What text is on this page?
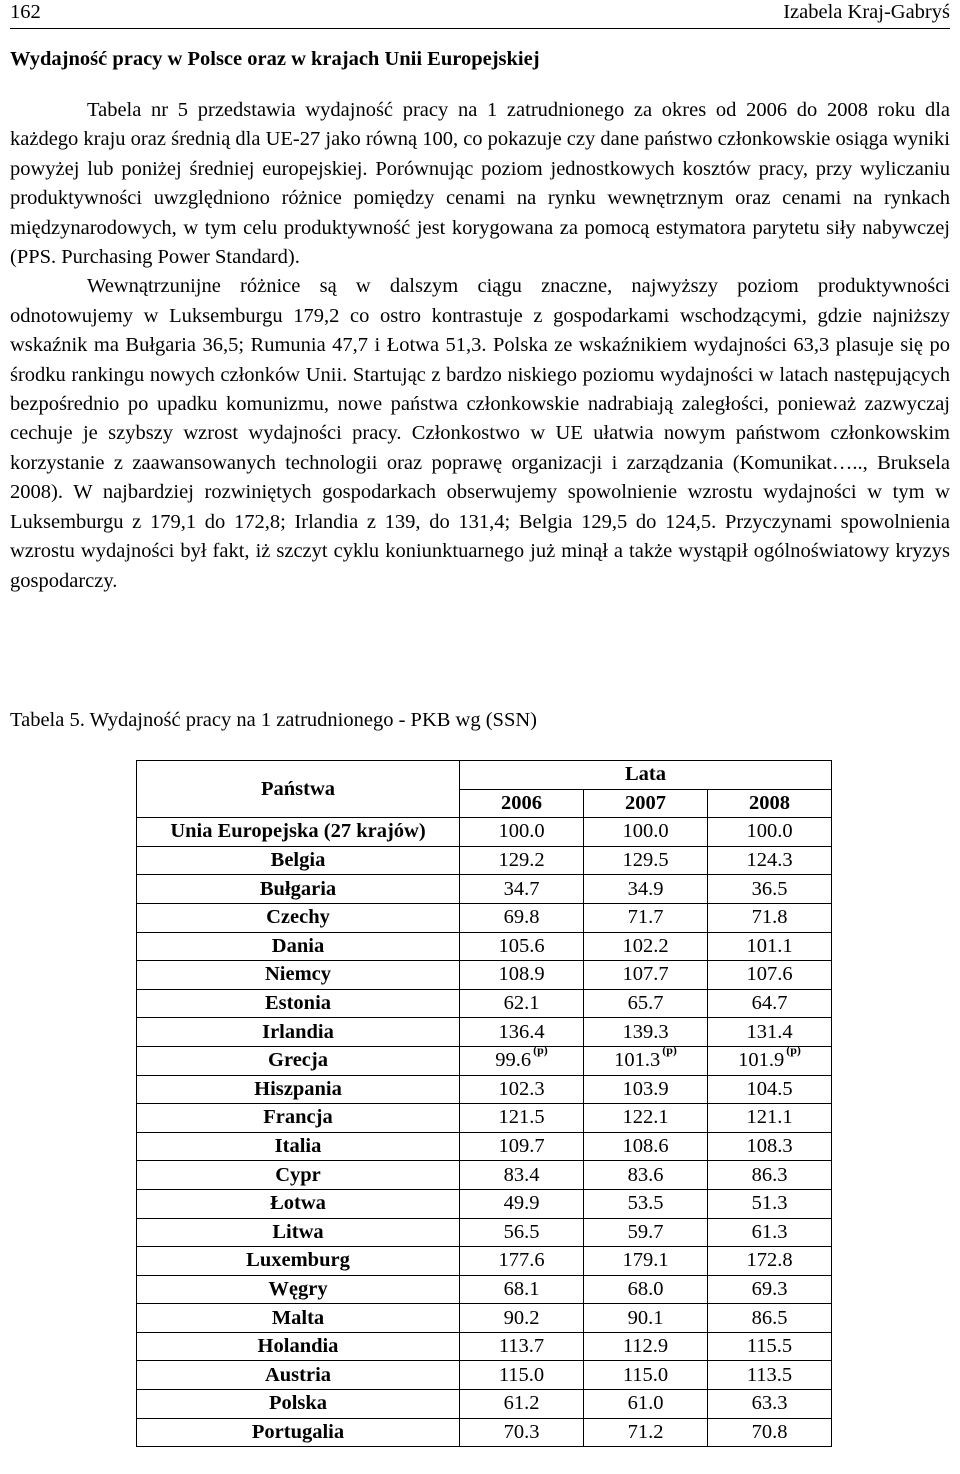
162	Izabela Kraj-Gabryś
Wydajność pracy w Polsce oraz w krajach Unii Europejskiej

Tabela nr 5 przedstawia wydajność pracy na 1 zatrudnionego za okres od 2006 do 2008 roku dla każdego kraju oraz średnią dla UE-27 jako równą 100, co pokazuje czy dane państwo członkowskie osiąga wyniki powyżej lub poniżej średniej europejskiej. Porównując poziom jednostkowych kosztów pracy, przy wyliczaniu produktywności uwzględniono różnice pomiędzy cenami na rynku wewnętrznym oraz cenami na rynkach międzynarodowych, w tym celu produktywność jest korygowana za pomocą estymatora parytetu siły nabywczej (PPS. Purchasing Power Standard).

Wewnątrzunijne różnice są w dalszym ciągu znaczne, najwyższy poziom produktywności odnotowujemy w Luksemburgu 179,2 co ostro kontrastuje z gospodarkami wschodzącymi, gdzie najniższy wskaźnik ma Bułgaria 36,5; Rumunia 47,7 i Łotwa 51,3. Polska ze wskaźnikiem wydajności 63,3 plasuje się po środku rankingu nowych członków Unii. Startując z bardzo niskiego poziomu wydajności w latach następujących bezpośrednio po upadku komunizmu, nowe państwa członkowskie nadrabiają zaległości, ponieważ zazwyczaj cechuje je szybszy wzrost wydajności pracy. Członkostwo w UE ułatwia nowym państwom członkowskim korzystanie z zaawansowanych technologii oraz poprawę organizacji i zarządzania (Komunikat….., Bruksela 2008). W najbardziej rozwiniętych gospodarkach obserwujemy spowolnienie wzrostu wydajności w tym w Luksemburgu z 179,1 do 172,8; Irlandia z 139, do 131,4; Belgia 129,5 do 124,5. Przyczynami spowolnienia wzrostu wydajności był fakt, iż szczyt cyklu koniunktuarnego już minął a także wystąpił ogólnoświatowy kryzys gospodarczy.

Tabela 5. Wydajność pracy na 1 zatrudnionego - PKB wg (SSN)

Państwa	Lata		
	2006	2007	2008
Unia Europejska (27 krajów)	100.0	100.0	100.0
Belgia	129.2	129.5	124.3
Bułgaria	34.7	34.9	36.5
Czechy	69.8	71.7	71.8
Dania	105.6	102.2	101.1
Niemcy	108.9	107.7	107.6
Estonia	62.1	65.7	64.7
Irlandia	136.4	139.3	131.4
Grecja	99.6 $^{(p)}$	101.3 $^{(p)}$	101.9 $^{(p)}$
Hiszpania	102.3	103.9	104.5
Francja	121.5	122.1	121.1
Italia	109.7	108.6	108.3
Cypr	83.4	83.6	86.3
Łotwa	49.9	53.5	51.3
Litwa	56.5	59.7	61.3
Luxemburg	177.6	179.1	172.8
Węgry	68.1	68.0	69.3
Malta	90.2	90.1	86.5
Holandia	113.7	112.9	115.5
Austria	115.0	115.0	113.5
Polska	61.2	61.0	63.3
Portugalia	70.3	71.2	70.8
